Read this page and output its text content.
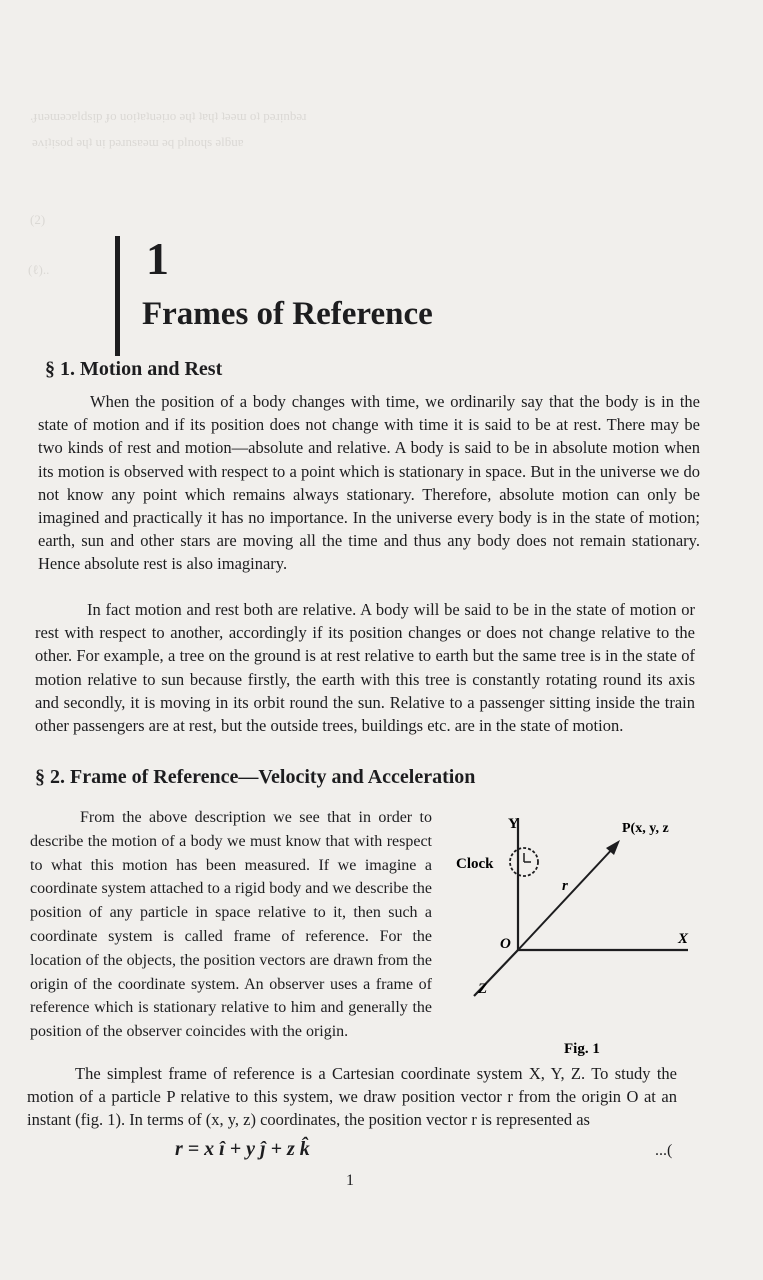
.ɟuǝɯǝɔɐldsᴉp ɟo uoᴉʇɐʇuǝᴉɹo ǝɥʇ ʇɐɥʇ ʇǝǝɯ oʇ pǝɹᴉnbǝɹ
ǝʌᴉʇᴉsod ǝɥʇ uᴉ pǝɹnsɐǝɯ ǝq plnoɥs ǝlƃuɐ
(2)
(ℓ).. 1
Frames of Reference
§ 1. Motion and Rest

When the position of a body changes with time, we ordinarily say that the body is in the state of motion and if its position does not change with time it is said to be at rest. There may be two kinds of rest and motion—absolute and relative. A body is said to be in absolute motion when its motion is observed with respect to a point which is stationary in space. But in the universe we do not know any point which remains always stationary. Therefore, absolute motion can only be imagined and practically it has no importance. In the universe every body is in the state of motion; earth, sun and other stars are moving all the time and thus any body does not remain stationary. Hence absolute rest is also imaginary.

In fact motion and rest both are relative. A body will be said to be in the state of motion or rest with respect to another, accordingly if its position changes or does not change relative to the other. For example, a tree on the ground is at rest relative to earth but the same tree is in the state of motion relative to sun because firstly, the earth with this tree is constantly rotating round its axis and secondly, it is moving in its orbit round the sun. Relative to a passenger sitting inside the train other passengers are at rest, but the outside trees, buildings etc. are in the state of motion.

§ 2. Frame of Reference—Velocity and Acceleration

From the above description we see that in order to describe the motion of a body we must know that with respect to what this motion has been measured. If we imagine a coordinate system attached to a rigid body and we describe the position of any particle in space relative to it, then such a coordinate system is called frame of reference. For the location of the objects, the position vectors are drawn from the origin of the coordinate system. An observer uses a frame of reference which is stationary relative to him and generally the position of the observer coincides with the origin.

Y
X
Z
O
P(x, y, z
Clock
r
Fig. 1

The simplest frame of reference is a Cartesian coordinate system X, Y, Z. To study the motion of a particle P relative to this system, we draw position vector r from the origin O at an instant (fig. 1). In terms of (x, y, z) coordinates, the position vector r is represented as

r = x î + y ĵ + z k̂	...(
1
